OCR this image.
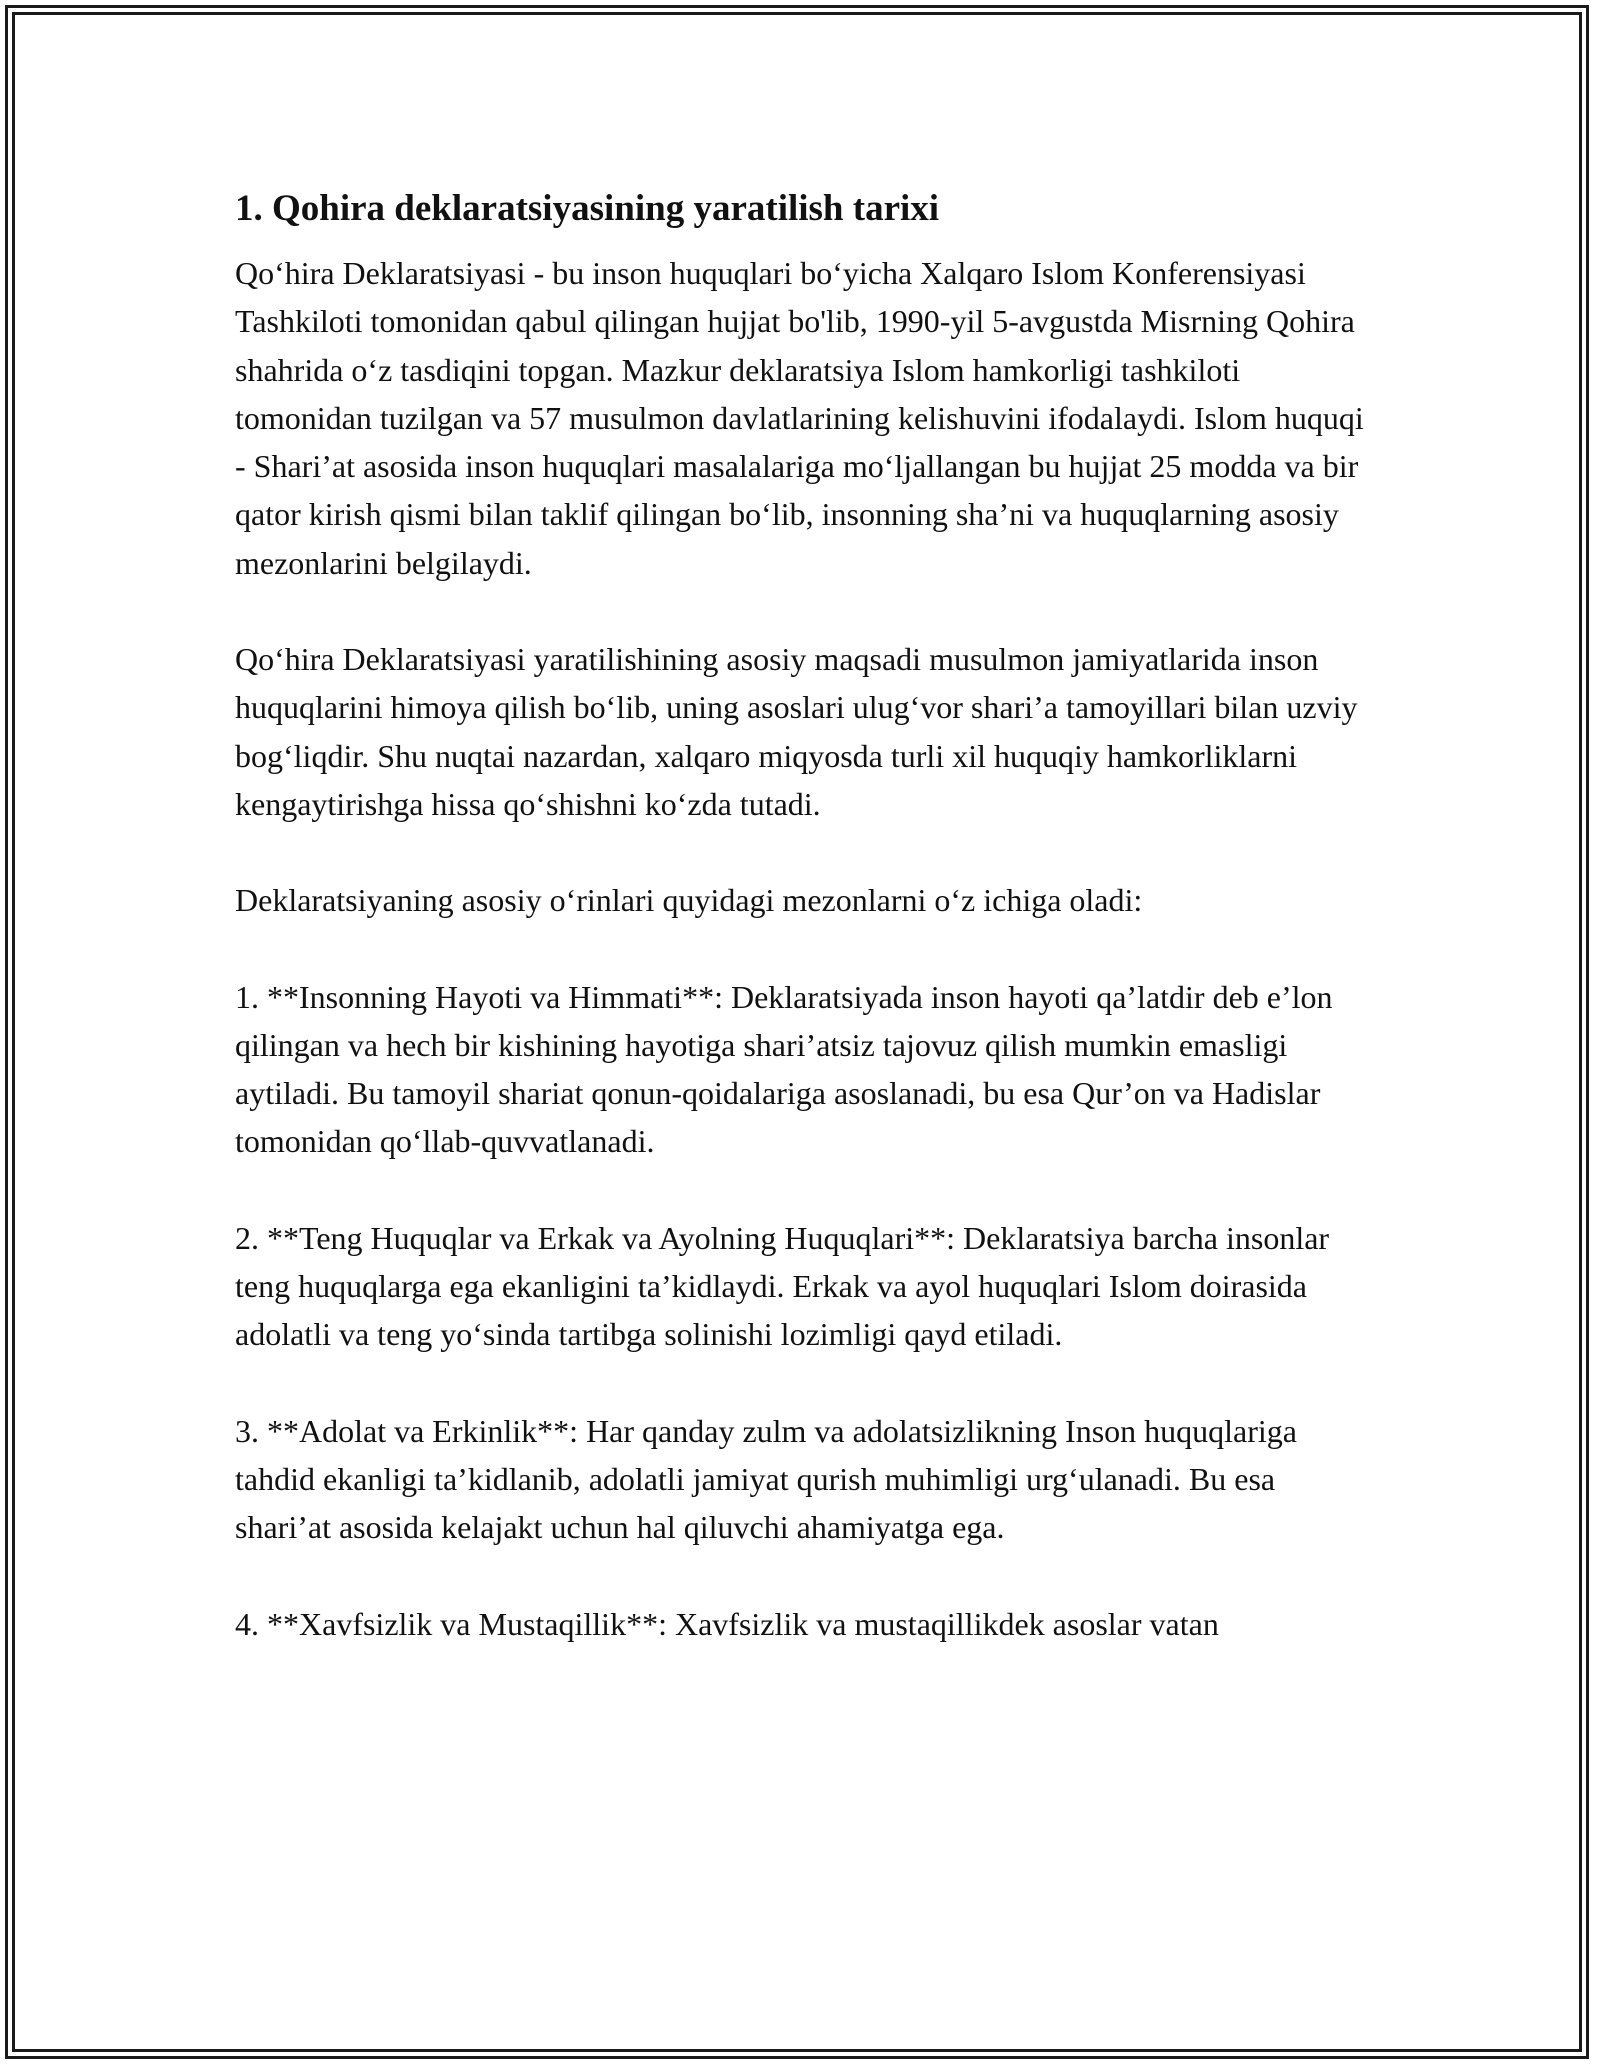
1. Qohira deklaratsiyasining yaratilish tarixi

Qo‘hira Deklaratsiyasi - bu inson huquqlari bo‘yicha Xalqaro Islom Konferensiyasi Tashkiloti tomonidan qabul qilingan hujjat bo'lib, 1990-yil 5-avgustda Misrning Qohira shahrida o‘z tasdiqini topgan. Mazkur deklaratsiya Islom hamkorligi tashkiloti tomonidan tuzilgan va 57 musulmon davlatlarining kelishuvini ifodalaydi. Islom huquqi - Shari’at asosida inson huquqlari masalalariga mo‘ljallangan bu hujjat 25 modda va bir qator kirish qismi bilan taklif qilingan bo‘lib, insonning sha’ni va huquqlarning asosiy mezonlarini belgilaydi.

Qo‘hira Deklaratsiyasi yaratilishining asosiy maqsadi musulmon jamiyatlarida inson huquqlarini himoya qilish bo‘lib, uning asoslari ulug‘vor shari’a tamoyillari bilan uzviy bog‘liqdir. Shu nuqtai nazardan, xalqaro miqyosda turli xil huquqiy hamkorliklarni kengaytirishga hissa qo‘shishni ko‘zda tutadi.

Deklaratsiyaning asosiy o‘rinlari quyidagi mezonlarni o‘z ichiga oladi:

1. **Insonning Hayoti va Himmati**: Deklaratsiyada inson hayoti qa’latdir deb e’lon qilingan va hech bir kishining hayotiga shari’atsiz tajovuz qilish mumkin emasligi aytiladi. Bu tamoyil shariat qonun-qoidalariga asoslanadi, bu esa Qur’on va Hadislar tomonidan qo‘llab-quvvatlanadi.

2. **Teng Huquqlar va Erkak va Ayolning Huquqlari**: Deklaratsiya barcha insonlar teng huquqlarga ega ekanligini ta’kidlaydi. Erkak va ayol huquqlari Islom doirasida adolatli va teng yo‘sinda tartibga solinishi lozimligi qayd etiladi.

3. **Adolat va Erkinlik**: Har qanday zulm va adolatsizlikning Inson huquqlariga tahdid ekanligi ta’kidlanib, adolatli jamiyat qurish muhimligi urg‘ulanadi. Bu esa shari’at asosida kelajakt uchun hal qiluvchi ahamiyatga ega.

4. **Xavfsizlik va Mustaqillik**: Xavfsizlik va mustaqillikdek asoslar vatan
